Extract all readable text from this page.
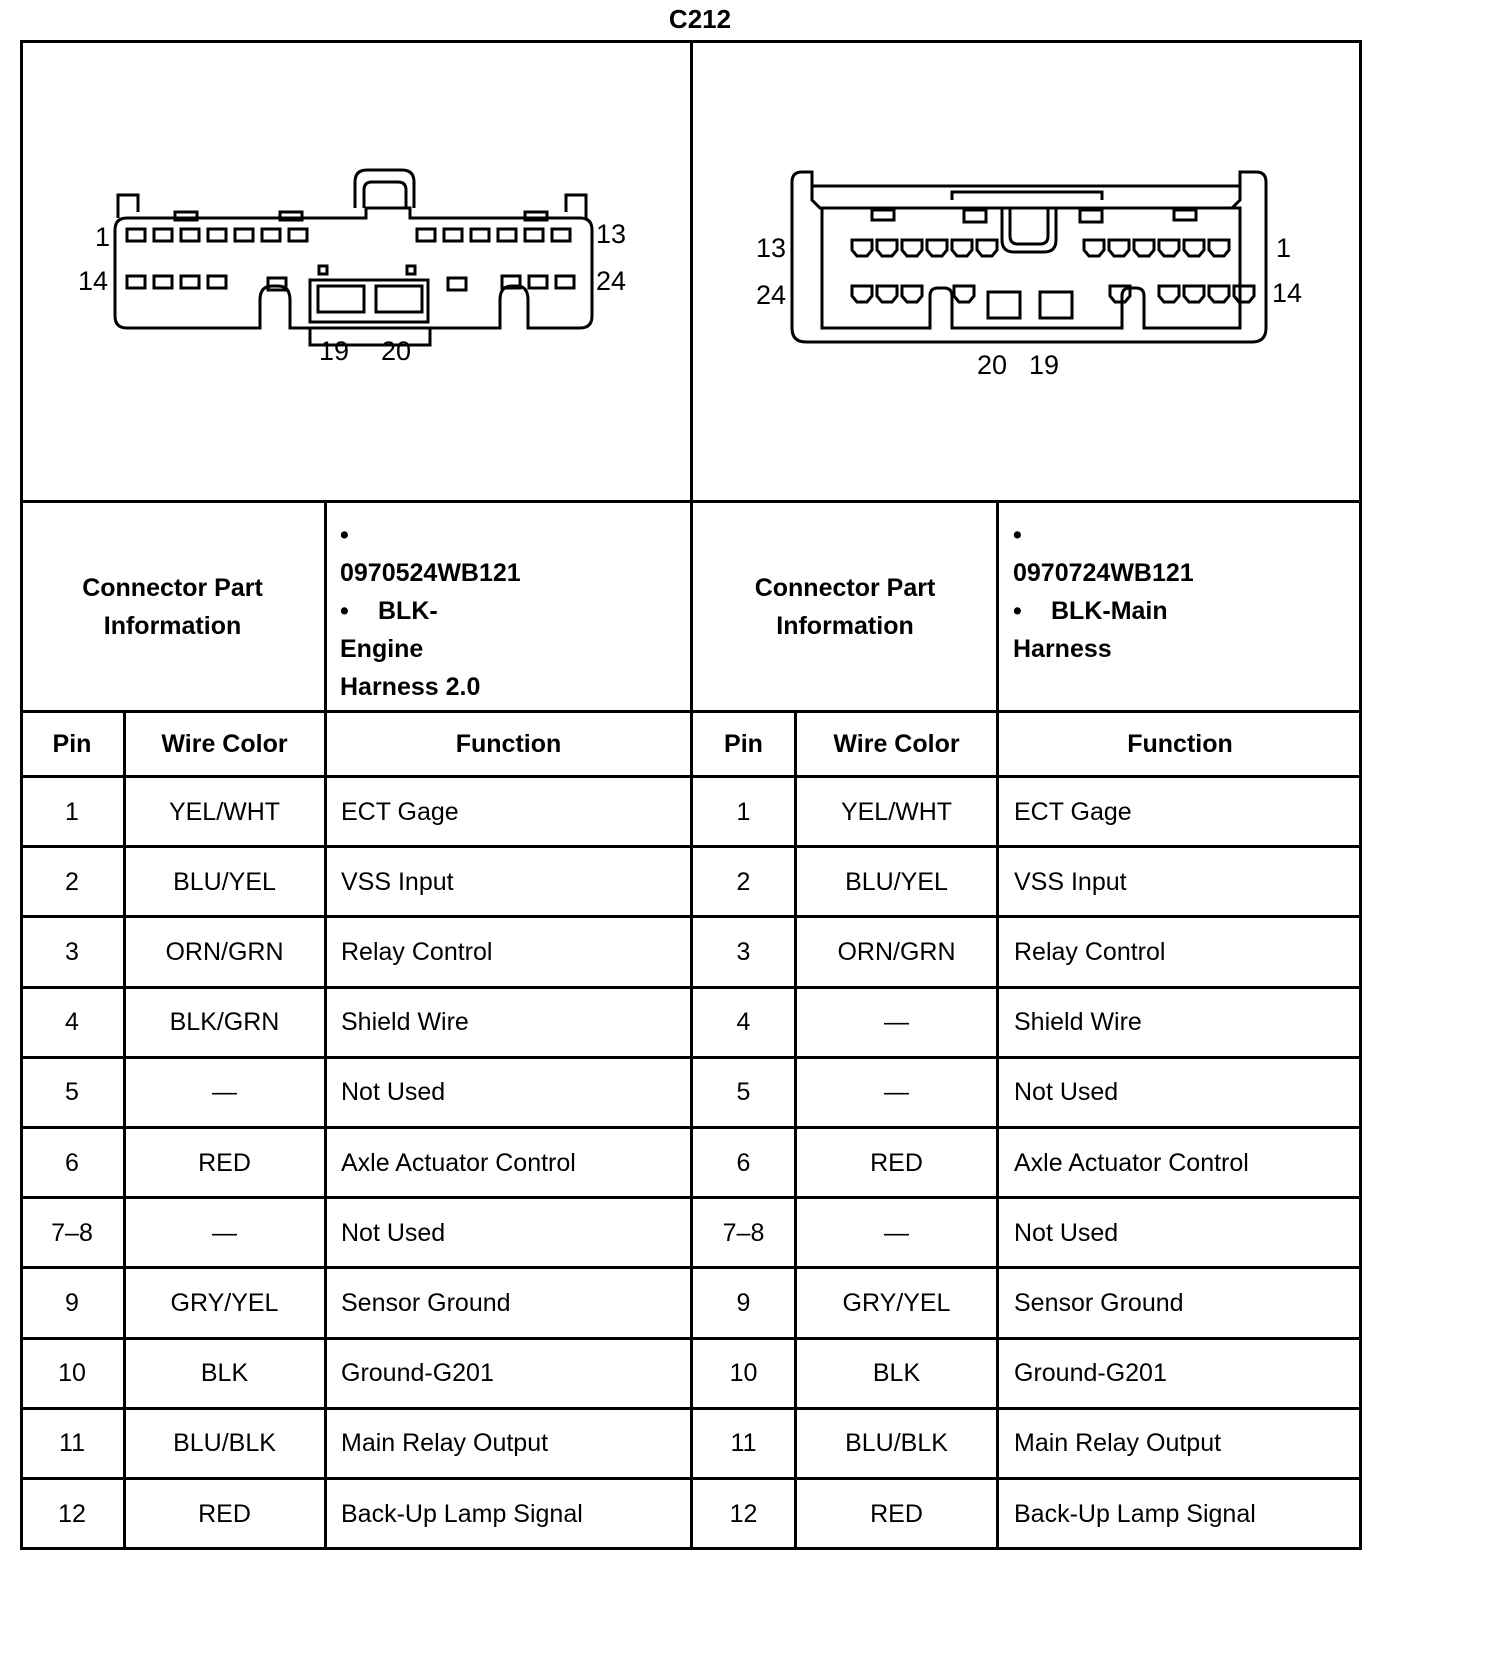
C212
1	13
14	24
19 20
13	1
24	14
20 19
Connector Part
Information
•0970524WB121
• BLK-Engine
Harness 2.0
Connector Part
Information
•0970724WB121
• BLK-Main Harness
Pin	Wire Color	Function	Pin	Wire Color	Function
1	YEL/WHT	ECT Gage	1	YEL/WHT	ECT Gage
2	BLU/YEL	VSS Input	2	BLU/YEL	VSS Input
3	ORN/GRN	Relay Control	3	ORN/GRN	Relay Control
4	BLK/GRN	Shield Wire	4	—	Shield Wire
5	—	Not Used	5	—	Not Used
6	RED	Axle Actuator Control	6	RED	Axle Actuator Control
7–8	—	Not Used	7–8	—	Not Used
9	GRY/YEL	Sensor Ground	9	GRY/YEL	Sensor Ground
10	BLK	Ground-G201	10	BLK	Ground-G201
11	BLU/BLK	Main Relay Output	11	BLU/BLK	Main Relay Output
12	RED	Back-Up Lamp Signal	12	RED	Back-Up Lamp Signal
